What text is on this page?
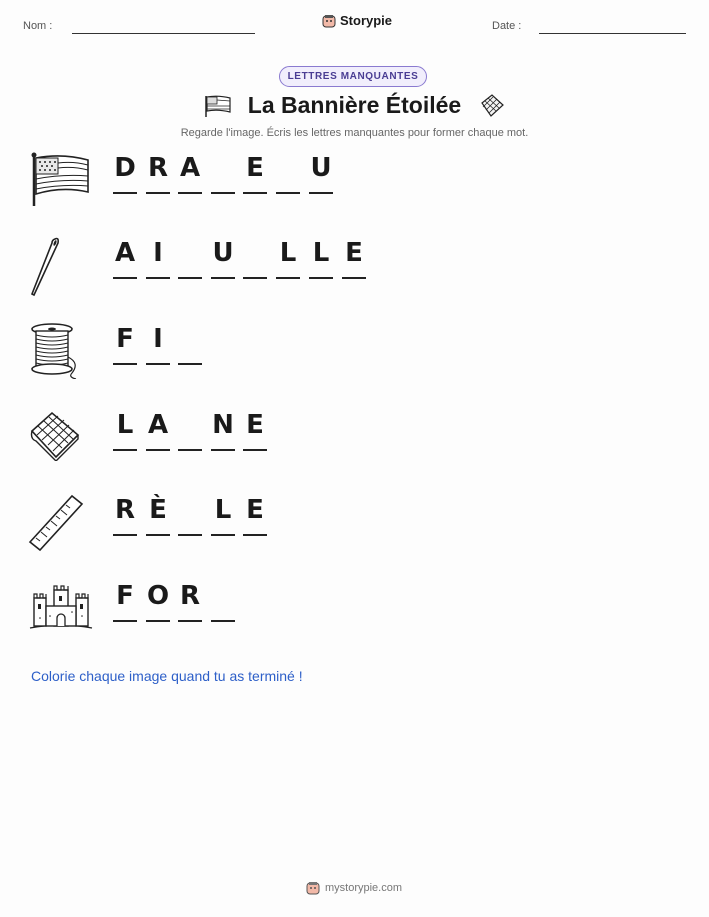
Nom :	Storypie	Date :
LETTRES MANQUANTES
La Bannière Étoilée
Regarde l'image. Écris les lettres manquantes pour former chaque mot.
D R A E U
A I U L L E
F I
L A N E
R È L E
F O R
Colorie chaque image quand tu as terminé !
mystorypie.com
